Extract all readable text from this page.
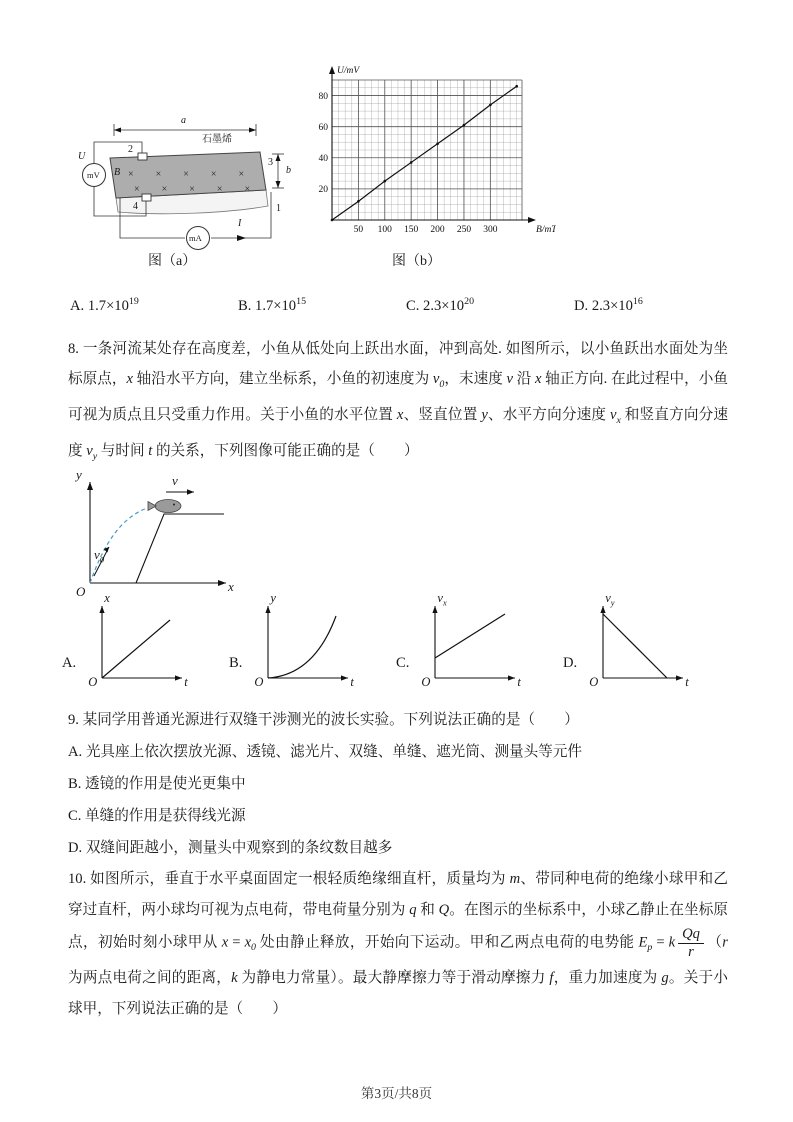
×　×　×　×　×
×　×　×　×　×
a
石墨烯
2
4
3
1
U
mV B	b
mA
I
50 100 150 200 250 300
20
40
60
80
U/mV
B/mT
图（a）	图（b）
A. $1.7\times 10^{19}$	B. $1.7\times 10^{15}$	C. $2.3\times 10^{20}$	D. $2.3\times 10^{16}$
8. 一条河流某处存在高度差，小鱼从低处向上跃出水面，冲到高处. 如图所示，以小鱼跃出水面处为坐标原点，x 轴沿水平方向，建立坐标系，小鱼的初速度为 $v_0$，末速度 v 沿 x 轴正方向. 在此过程中，小鱼可视为质点且只受重力作用。关于小鱼的水平位置 x、竖直位置 y、水平方向分速度 $v_x$ 和竖直方向分速度 $v_y$ 与时间 t 的关系，下列图像可能正确的是（　　）
y
x
O
v
$v_0$
A.
x
O	t
B.
y
O	t
C.
$v_x$
O	t
D.
$v_y$
O	t
9. 某同学用普通光源进行双缝干涉测光的波长实验。下列说法正确的是（　　）
A. 光具座上依次摆放光源、透镜、滤光片、双缝、单缝、遮光筒、测量头等元件
B. 透镜的作用是使光更集中
C. 单缝的作用是获得线光源
D. 双缝间距越小，测量头中观察到的条纹数目越多
10. 如图所示，垂直于水平桌面固定一根轻质绝缘细直杆，质量均为 m、带同种电荷的绝缘小球甲和乙穿过直杆，两小球均可视为点电荷，带电荷量分别为 q 和 Q。在图示的坐标系中，小球乙静止在坐标原点，初始时刻小球甲从 $x = x_0$ 处由静止释放，开始向下运动。甲和乙两点电荷的电势能 $E_p = k \frac{Qq}{r} (r$ 为两点电荷之间的距离，k 为静电力常量）。最大静摩擦力等于滑动摩擦力 f，重力加速度为 g。关于小球甲，下列说法正确的是（　　）
第3页/共8页
